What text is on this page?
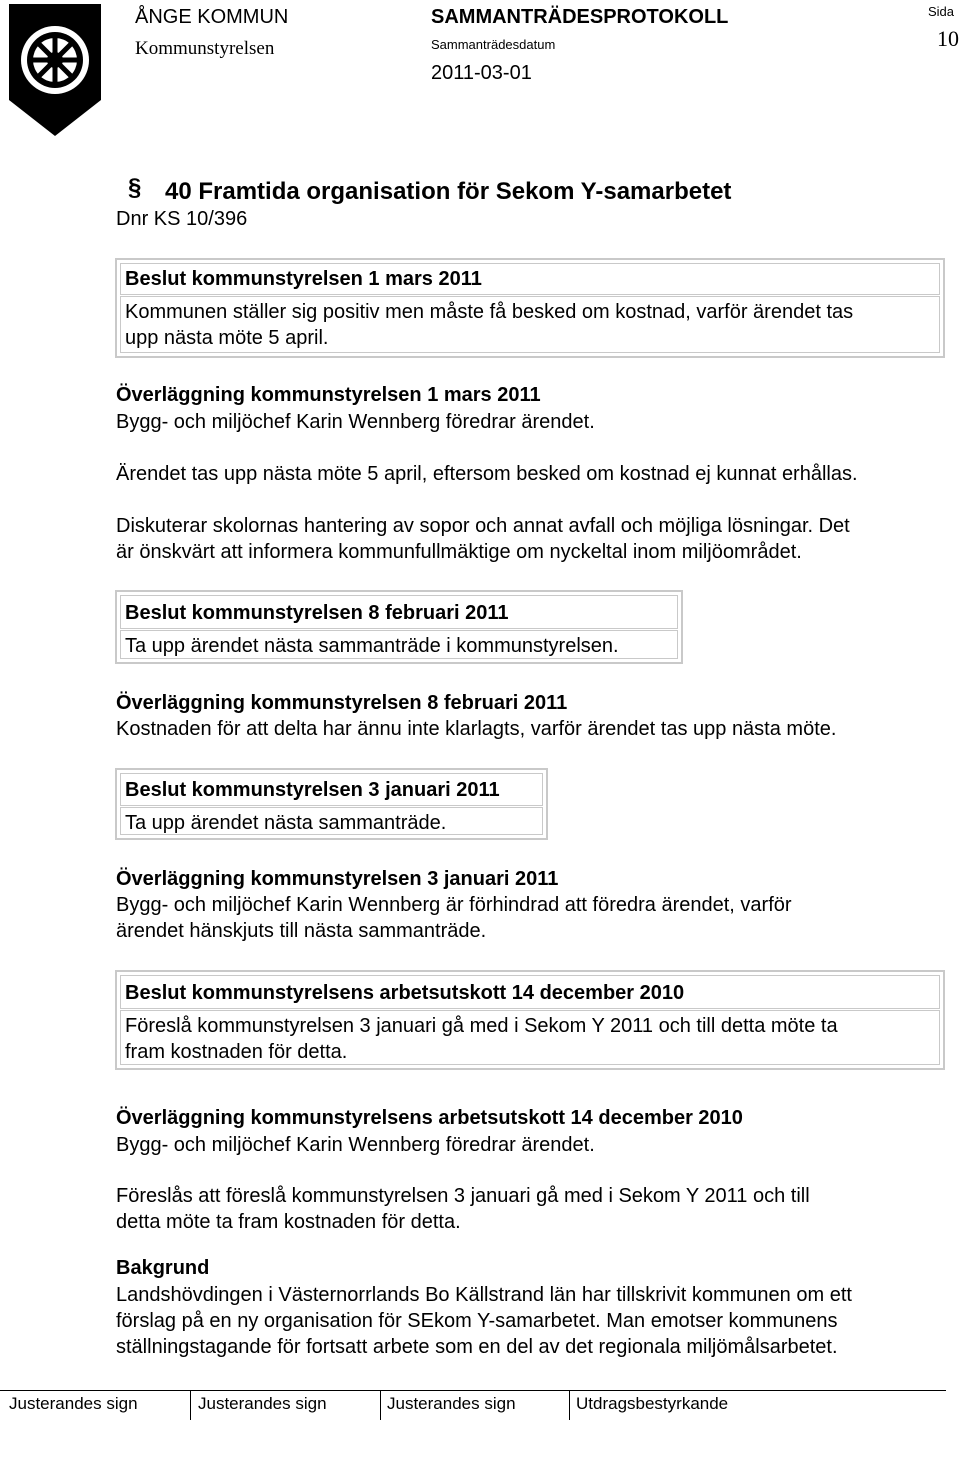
ÅNGE KOMMUN
Kommunstyrelsen
SAMMANTRÄDESPROTOKOLL
Sammanträdesdatum
2011-03-01
Sida
10
§ 40 Framtida organisation för Sekom Y-samarbetet
Dnr KS 10/396
Beslut kommunstyrelsen 1 mars 2011
Kommunen ställer sig positiv men måste få besked om kostnad, varför ärendet tas
upp nästa möte 5 april.
Överläggning kommunstyrelsen 1 mars 2011
Bygg- och miljöchef Karin Wennberg föredrar ärendet.
Ärendet tas upp nästa möte 5 april, eftersom besked om kostnad ej kunnat erhållas.
Diskuterar skolornas hantering av sopor och annat avfall och möjliga lösningar. Det
är önskvärt att informera kommunfullmäktige om nyckeltal inom miljöområdet.
Beslut kommunstyrelsen 8 februari 2011
Ta upp ärendet nästa sammanträde i kommunstyrelsen.
Överläggning kommunstyrelsen 8 februari 2011
Kostnaden för att delta har ännu inte klarlagts, varför ärendet tas upp nästa möte.
Beslut kommunstyrelsen 3 januari 2011
Ta upp ärendet nästa sammanträde.
Överläggning kommunstyrelsen 3 januari 2011
Bygg- och miljöchef Karin Wennberg är förhindrad att föredra ärendet, varför
ärendet hänskjuts till nästa sammanträde.
Beslut kommunstyrelsens arbetsutskott 14 december 2010
Föreslå kommunstyrelsen 3 januari gå med i Sekom Y 2011 och till detta möte ta
fram kostnaden för detta.
Överläggning kommunstyrelsens arbetsutskott 14 december 2010
Bygg- och miljöchef Karin Wennberg föredrar ärendet.
Föreslås att föreslå kommunstyrelsen 3 januari gå med i Sekom Y 2011 och till
detta möte ta fram kostnaden för detta.
Bakgrund
Landshövdingen i Västernorrlands Bo Källstrand län har tillskrivit kommunen om ett
förslag på en ny organisation för SEkom Y-samarbetet. Man emotser kommunens
ställningstagande för fortsatt arbete som en del av det regionala miljömålsarbetet.
Justerandes sign	Justerandes sign	Justerandes sign	Utdragsbestyrkande
